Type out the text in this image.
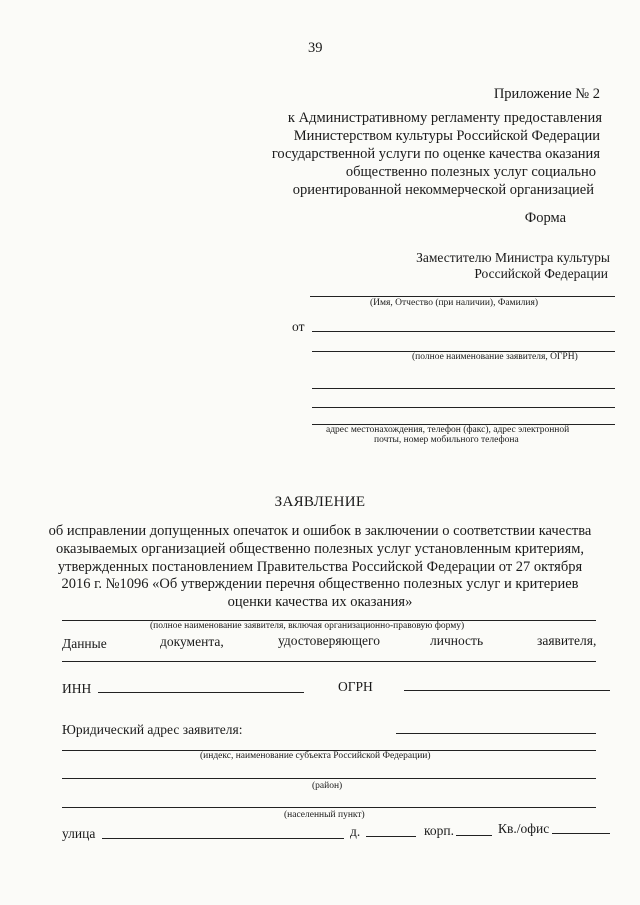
39
Приложение № 2
к Административному регламенту предоставления
Министерством культуры Российской Федерации
государственной услуги по оценке качества оказания
общественно полезных услуг социально
ориентированной некоммерческой организацией
Форма
Заместителю Министра культуры
Российской Федерации
(Имя, Отчество (при наличии), Фамилия)
от
(полное наименование заявителя, ОГРН)
адрес местонахождения, телефон (факс), адрес электронной
почты, номер мобильного телефона
ЗАЯВЛЕНИЕ
об исправлении допущенных опечаток и ошибок в заключении о соответствии качества
оказываемых организацией общественно полезных услуг установленным критериям,
утвержденных постановлением Правительства Российской Федерации от 27 октября
2016 г. №1096 «Об утверждении перечня общественно полезных услуг и критериев
оценки качества их оказания»
(полное наименование заявителя, включая организационно-правовую форму)
Данные	документа,	удостоверяющего	личность	заявителя,
ИНН	ОГРН
Юридический адрес заявителя:
(индекс, наименование субъекта Российской Федерации)
(район)
(населенный пункт)
улица	д.	корп.	Кв./офис
